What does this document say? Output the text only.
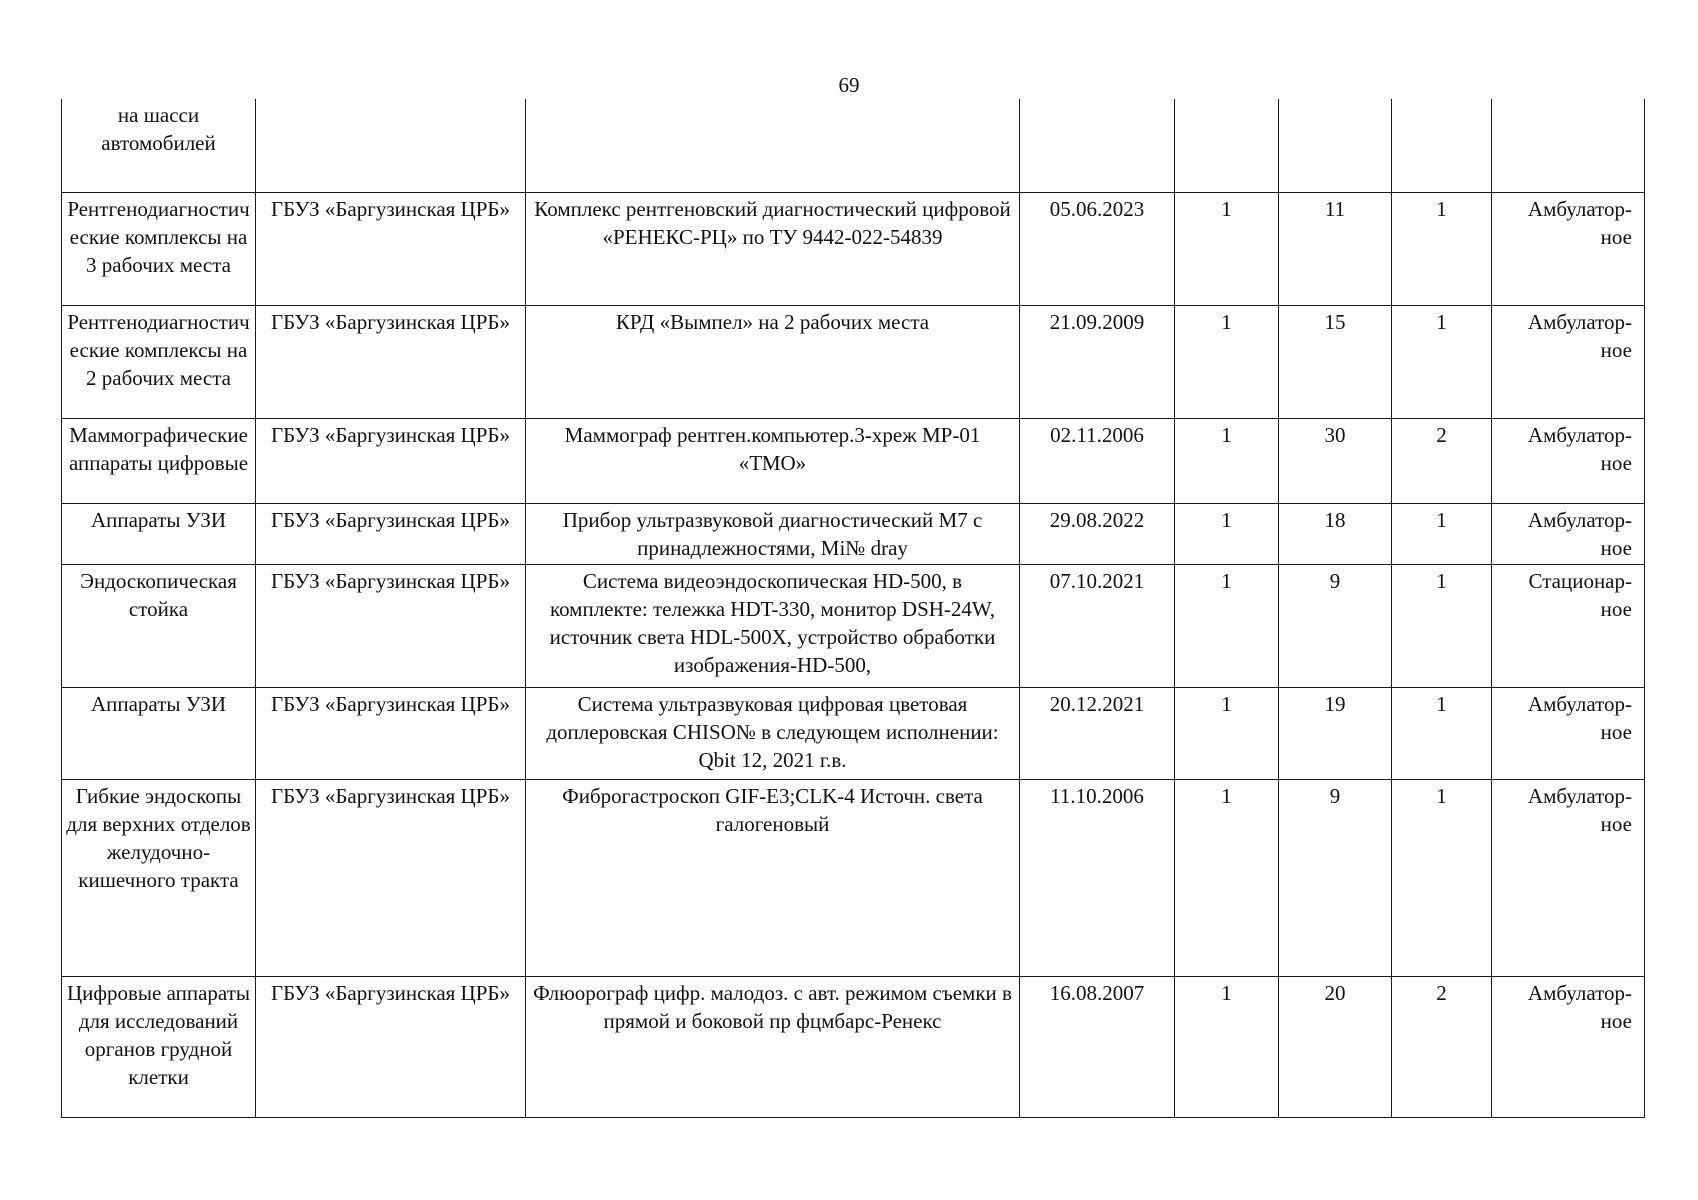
69
на шасси автомобилей							
Рентгенодиагностические комплексы на 3 рабочих места	ГБУЗ «Баргузинская ЦРБ»	Комплекс рентгеновский диагностический цифровой «РЕНЕКС-РЦ» по ТУ 9442-022-54839	05.06.2023	1	11	1	Амбулатор-ное
Рентгенодиагностические комплексы на 2 рабочих места	ГБУЗ «Баргузинская ЦРБ»	КРД «Вымпел» на 2 рабочих места	21.09.2009	1	15	1	Амбулатор-ное
Маммографические аппараты цифровые	ГБУЗ «Баргузинская ЦРБ»	Маммограф рентген.компьютер.3-хреж МР-01 «ТМО»	02.11.2006	1	30	2	Амбулатор-ное
Аппараты УЗИ	ГБУЗ «Баргузинская ЦРБ»	Прибор ультразвуковой диагностический М7 с принадлежностями, Mi№ dray	29.08.2022	1	18	1	Амбулатор-ное
Эндоскопическая стойка	ГБУЗ «Баргузинская ЦРБ»	Система видеоэндоскопическая HD-500, в комплекте: тележка HDT-330, монитор DSH-24W, источник света HDL-500X, устройство обработки изображения-HD-500,	07.10.2021	1	9	1	Стационар-ное
Аппараты УЗИ	ГБУЗ «Баргузинская ЦРБ»	Система ультразвуковая цифровая цветовая доплеровская CHISO№ в следующем исполнении: Qbit 12, 2021 г.в.	20.12.2021	1	19	1	Амбулатор-ное
Гибкие эндоскопы для верхних отделов желудочно-кишечного тракта	ГБУЗ «Баргузинская ЦРБ»	Фиброгастроскоп GIF-E3;CLK-4 Источн. света галогеновый	11.10.2006	1	9	1	Амбулатор-ное
Цифровые аппараты для исследований органов грудной клетки	ГБУЗ «Баргузинская ЦРБ»	Флюорограф цифр. малодоз. с авт. режимом съемки в прямой и боковой пр фцмбарс-Ренекс	16.08.2007	1	20	2	Амбулатор-ное
